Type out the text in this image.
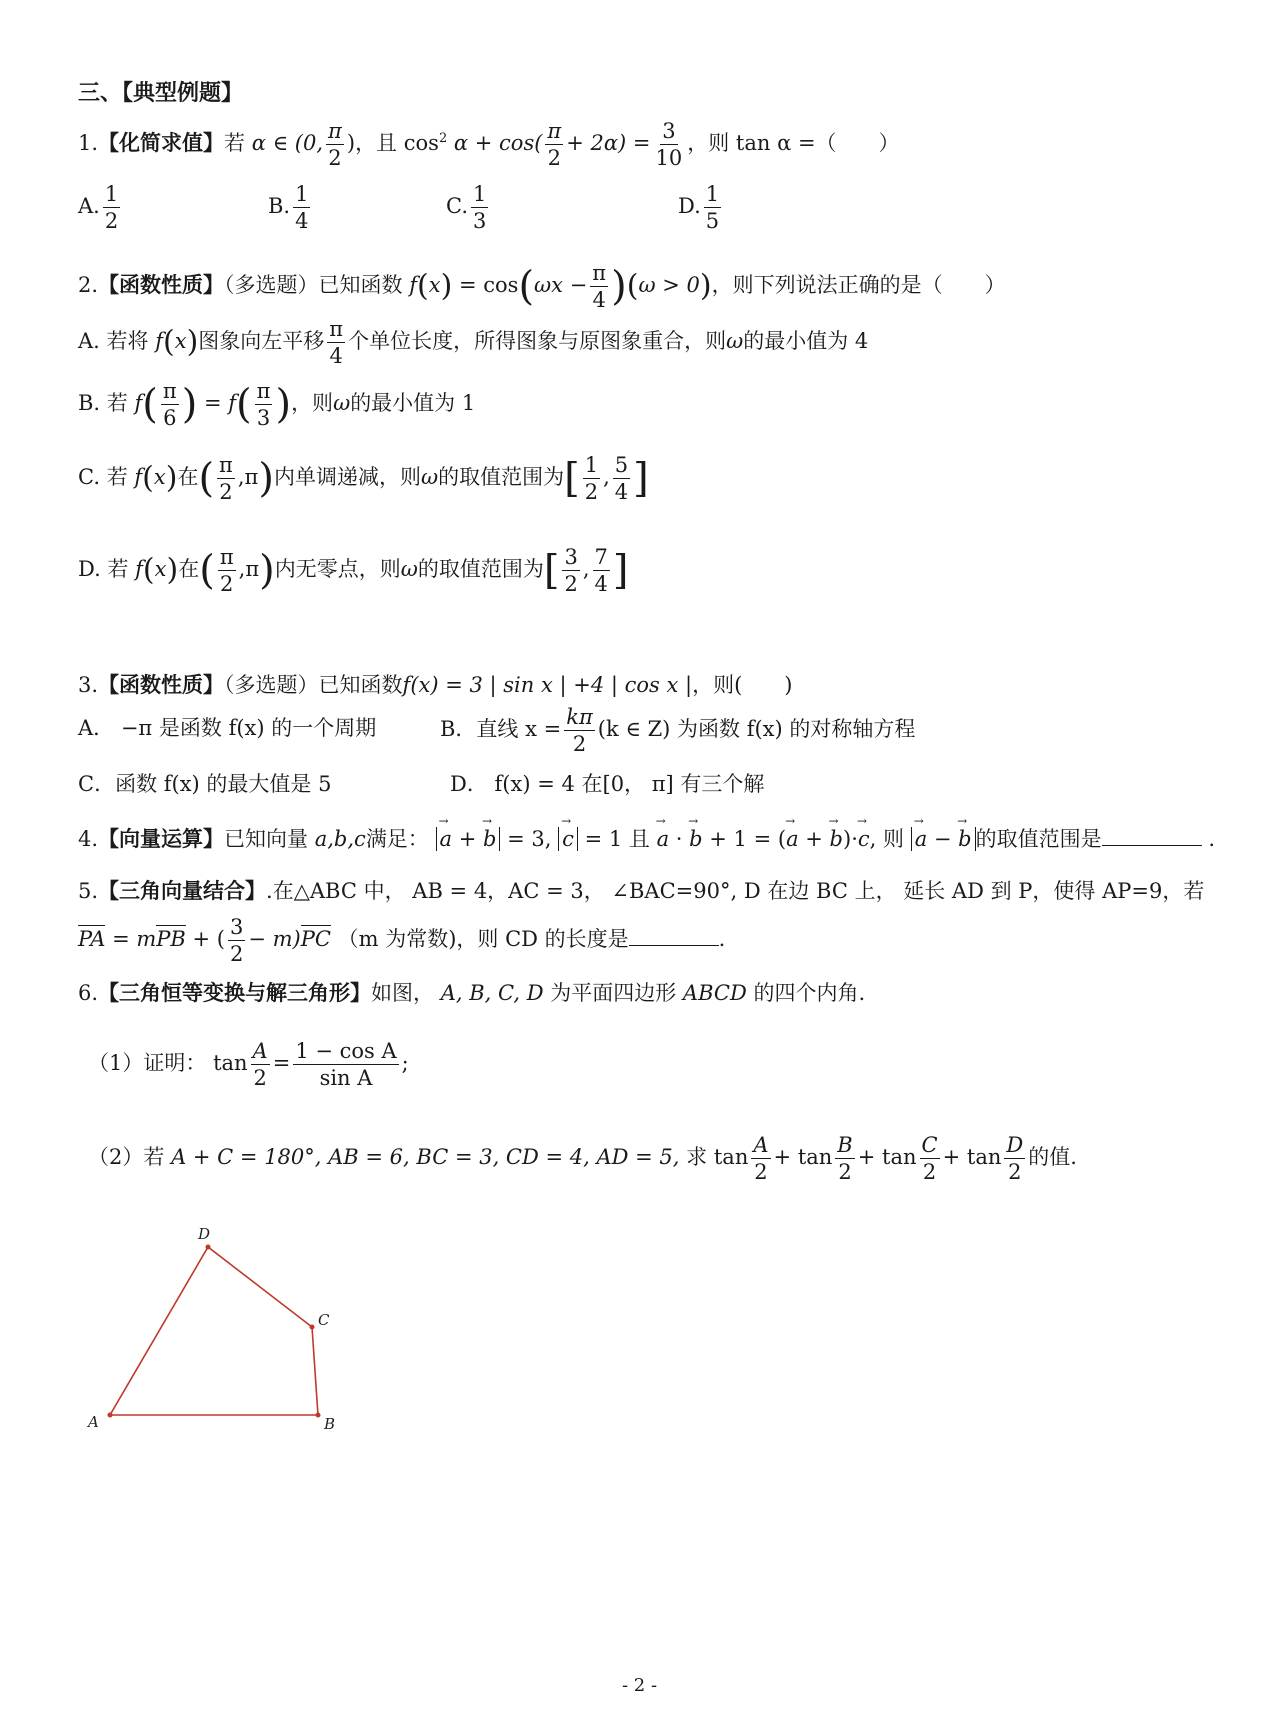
三、【典型例题】
1.【化简求值】若 α ∈ (0, $\frac{\pi}{2}$ )，且 $\cos^2 \alpha + \cos( \frac{\pi}{2} + 2\alpha) = \frac{3}{10}$ ，则 tan α =（　　）
A. $\frac{1}{2}$	B. $\frac{1}{4}$	C. $\frac{1}{3}$	D. $\frac{1}{5}$
2.【函数性质】（多选题）已知函数 $f(x) = \cos(\omega x - \frac{\pi}{4} )(\omega > 0)$，则下列说法正确的是（　　）
A. 若将 f(x)图象向左平移 $\frac{\pi}{4}$ 个单位长度，所得图象与原图象重合，则ω的最小值为 4
B. 若 $f( \frac{\pi}{6}$ ) = $f( \frac{\pi}{3}$ )，则ω的最小值为 1
C. 若 f(x)在( $\frac{\pi}{2} ,\pi$)内单调递减，则ω的取值范围为[ $\frac{1}{2}$ , $\frac{5}{4}$ ]
D. 若 f(x)在( $\frac{\pi}{2} ,\pi$)内无零点，则ω的取值范围为[ $\frac{3}{2}$ , $\frac{7}{4}$ ]
3.【函数性质】（多选题）已知函数f(x) = 3 | sin x | +4 | cos x |，则(　　)
A． −π 是函数 f(x) 的一个周期	B．直线 $x = \frac{k\pi}{2} (k$ ∈ Z) 为函数 f(x) 的对称轴方程
C．函数 f(x) 的最大值是 5	D． f(x) = 4 在[0， π] 有三个解
4.【向量运算】已知向量 a,b,c满足： → a + → b = 3, → c = 1 且 → a · → b + 1 = (→ a + → b)·→ c, 则 → a − → b 的取值范围是	.
5.【三角向量结合】.在△ABC 中， AB = 4，AC = 3， ∠BAC=90°, D 在边 BC 上， 延长 AD 到 P，使得 AP=9，若
PA = mPB + ( $\frac{3}{2} - m)PC$ （m 为常数)，则 CD 的长度是	.
6.【三角恒等变换与解三角形】如图， A, B, C, D 为平面四边形 ABCD 的四个内角.
（1）证明： $\tan \frac{A}{2} = \frac{\text{1 − cos A}}{\text{sin A}}$ ;
（2）若 A + C = 180°, AB = 6, BC = 3, CD = 4, AD = 5, 求 $\tan \frac{A}{2} + \tan \frac{B}{2} + \tan \frac{C}{2} + \tan \frac{D}{2}$ 的值.
A	B
C
D
- 2 -
